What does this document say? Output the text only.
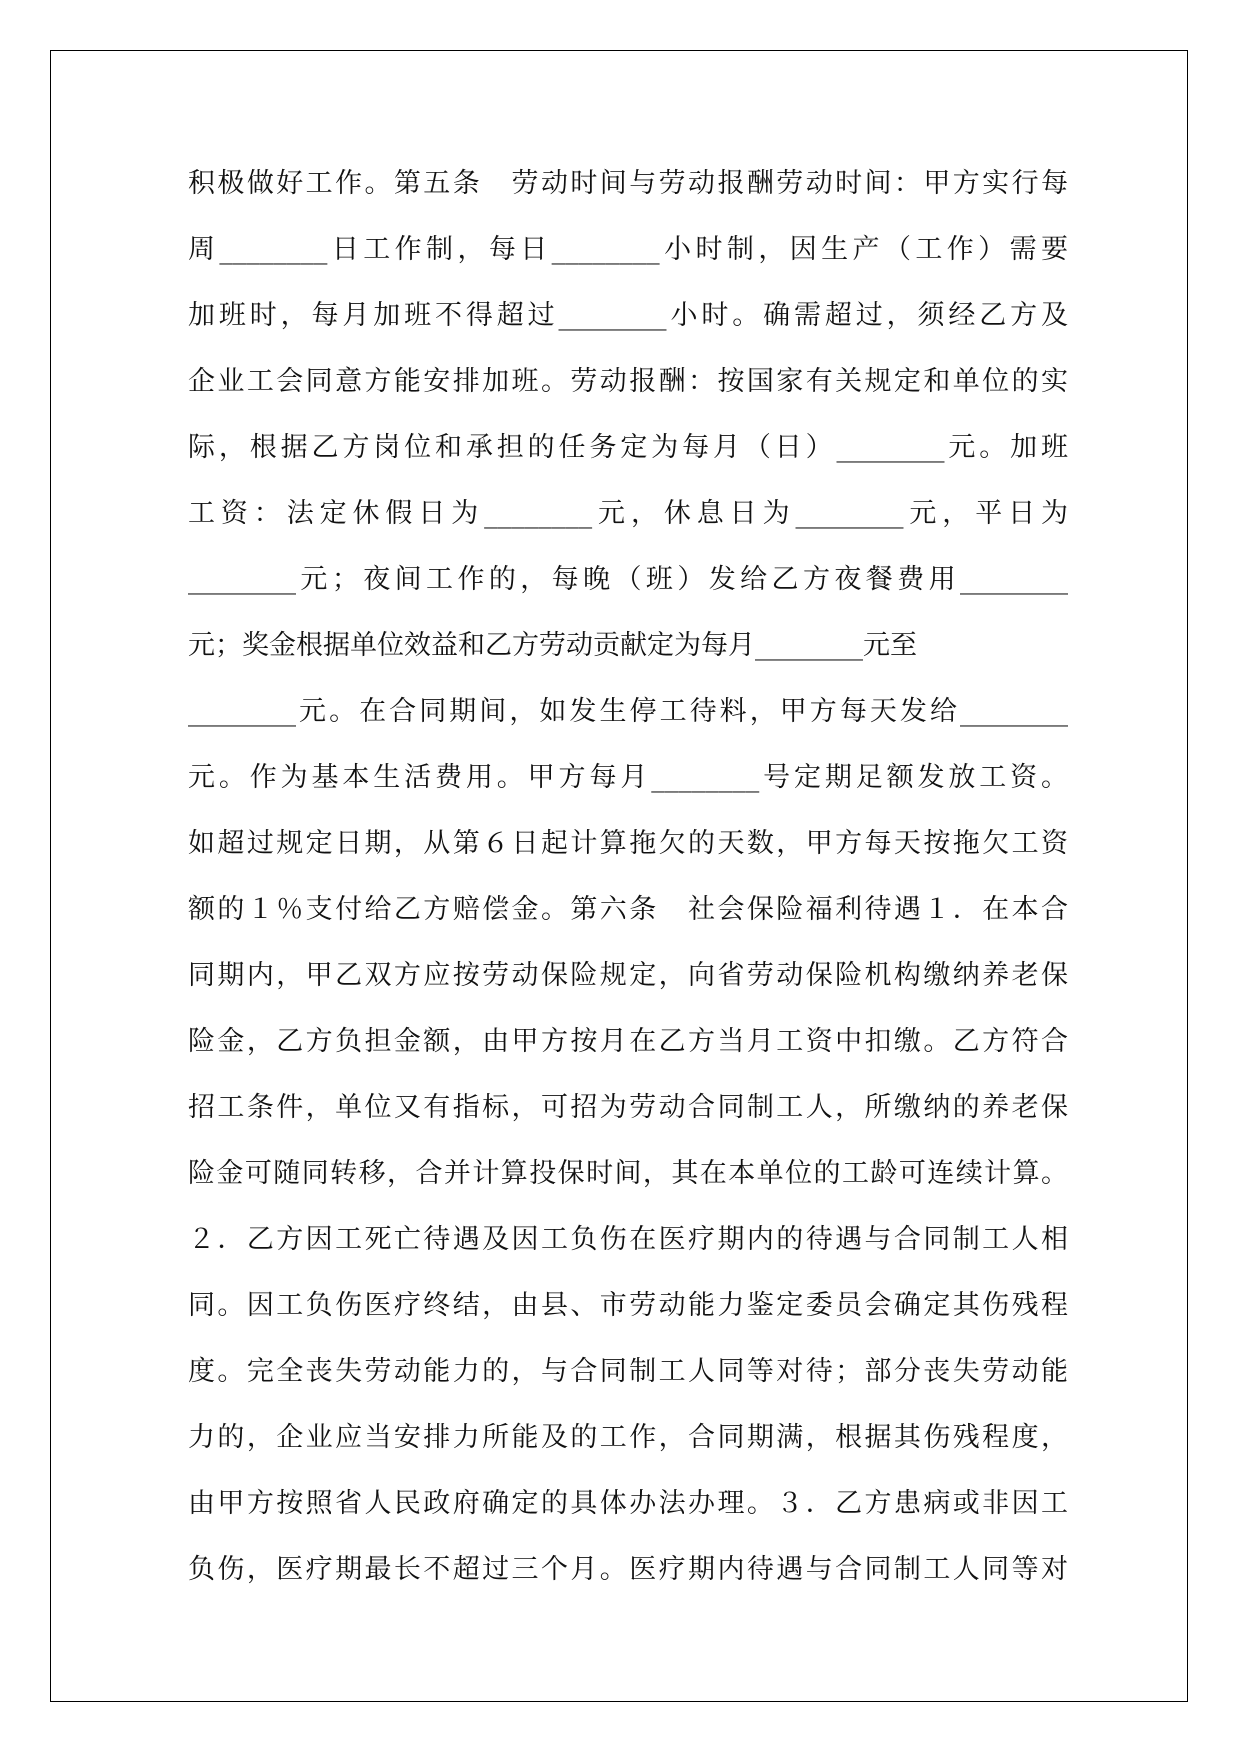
积极做好工作。第五条　劳动时间与劳动报酬劳动时间：甲方实行每
周________日工作制，每日________小时制，因生产（工作）需要
加班时，每月加班不得超过________小时。确需超过，须经乙方及
企业工会同意方能安排加班。劳动报酬：按国家有关规定和单位的实
际，根据乙方岗位和承担的任务定为每月（日）________元。加班
工资：法定休假日为________元，休息日为________元，平日为
________元；夜间工作的，每晚（班）发给乙方夜餐费用________
元；奖金根据单位效益和乙方劳动贡献定为每月________元至
________元。在合同期间，如发生停工待料，甲方每天发给________
元。作为基本生活费用。甲方每月________号定期足额发放工资。
如超过规定日期，从第６日起计算拖欠的天数，甲方每天按拖欠工资
额的１％支付给乙方赔偿金。第六条　社会保险福利待遇１．在本合
同期内，甲乙双方应按劳动保险规定，向省劳动保险机构缴纳养老保
险金，乙方负担金额，由甲方按月在乙方当月工资中扣缴。乙方符合
招工条件，单位又有指标，可招为劳动合同制工人，所缴纳的养老保
险金可随同转移，合并计算投保时间，其在本单位的工龄可连续计算。
２．乙方因工死亡待遇及因工负伤在医疗期内的待遇与合同制工人相
同。因工负伤医疗终结，由县、市劳动能力鉴定委员会确定其伤残程
度。完全丧失劳动能力的，与合同制工人同等对待；部分丧失劳动能
力的，企业应当安排力所能及的工作，合同期满，根据其伤残程度，
由甲方按照省人民政府确定的具体办法办理。３．乙方患病或非因工
负伤，医疗期最长不超过三个月。医疗期内待遇与合同制工人同等对
